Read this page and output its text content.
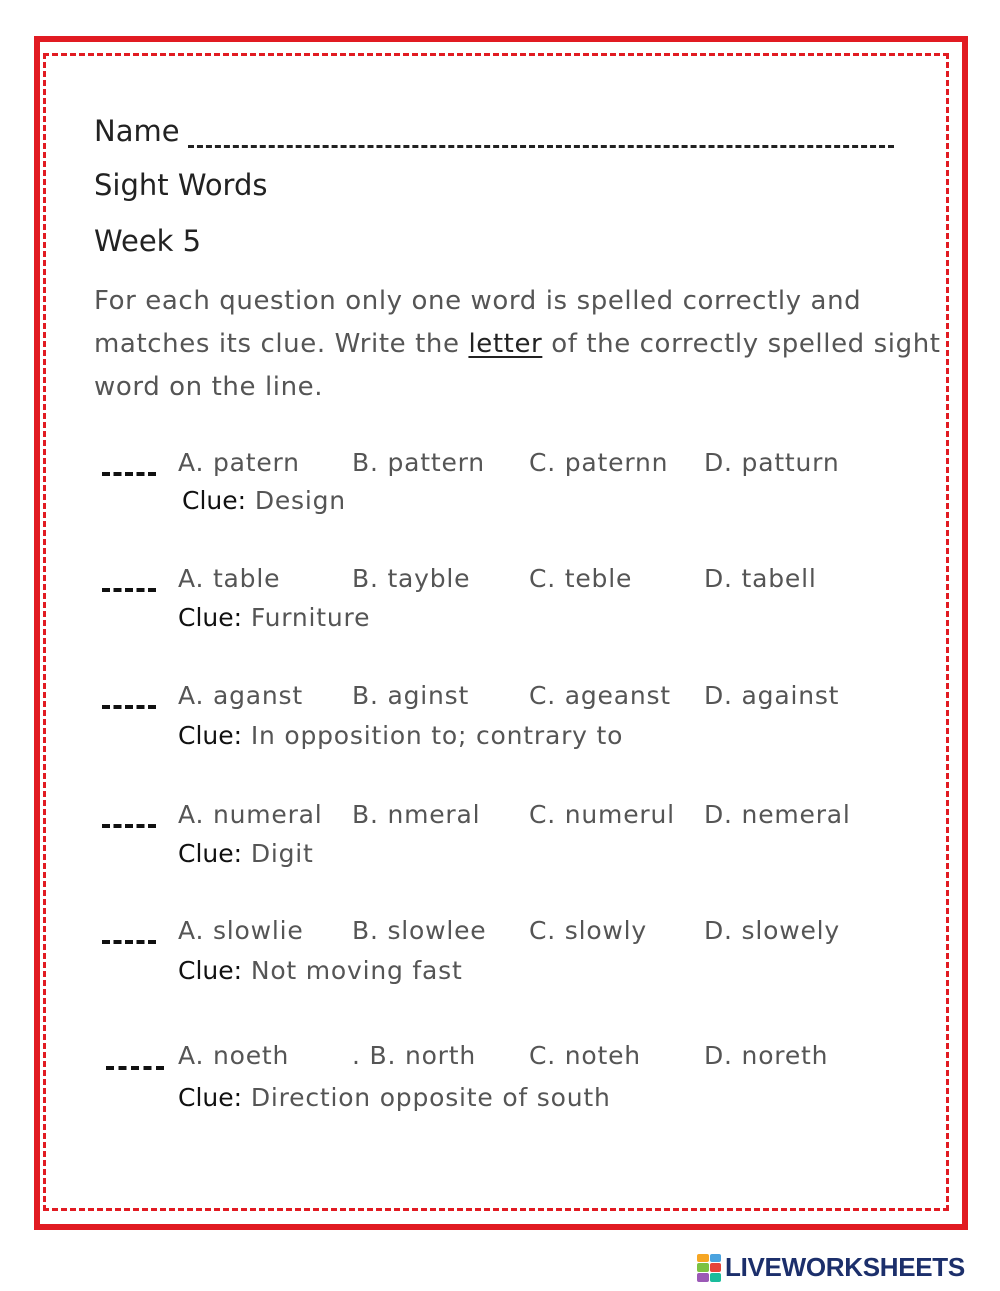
Name
Sight Words
Week 5
For each question only one word is spelled correctly and matches its clue. Write the letter of the correctly spelled sight word on the line.
A. patern B. pattern C. paternn D. patturn
Clue: Design
A. table	B. tayble C. teble	D. tabell
Clue: Furniture
A. aganst B. aginst C. ageanst D. against
Clue: In opposition to; contrary to
A. numeral B. nmeral C. numerul D. nemeral
Clue: Digit
A. slowlie B. slowlee C. slowly D. slowely
Clue: Not moving fast
A. noeth	. B. north C. noteh	D. noreth
Clue: Direction opposite of south
LIVEWORKSHEETS
